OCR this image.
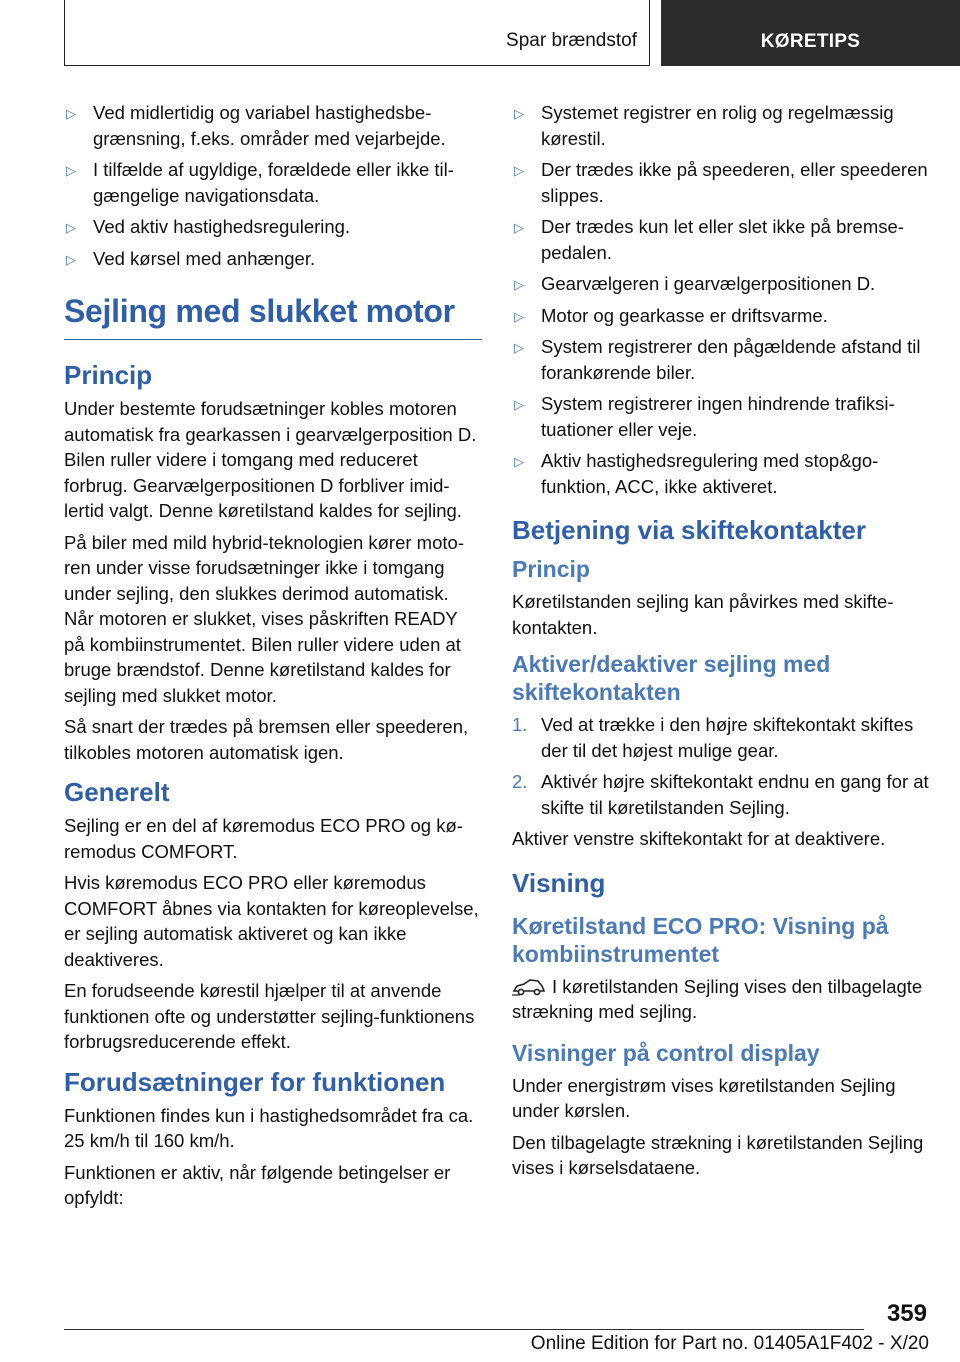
Spar brændstof	KØRETIPS
▷ Ved midlertidig og variabel hastighedsbegrænsning, f.eks. områder med vejarbejde.
▷ I tilfælde af ugyldige, forældede eller ikke tilgængelige navigationsdata.
▷ Ved aktiv hastighedsregulering.
▷ Ved kørsel med anhænger.
Sejling med slukket motor
Princip

Under bestemte forudsætninger kobles motoren automatisk fra gearkassen i gearvælgerposition D. Bilen ruller videre i tomgang med reduceret forbrug. Gearvælgerpositionen D forbliver imidlertid valgt. Denne køretilstand kaldes for sejling.

På biler med mild hybrid-teknologien kører motoren under visse forudsætninger ikke i tomgang under sejling, den slukkes derimod automatisk. Når motoren er slukket, vises påskriften READY på kombiinstrumentet. Bilen ruller videre uden at bruge brændstof. Denne køretilstand kaldes for sejling med slukket motor.

Så snart der trædes på bremsen eller speederen, tilkobles motoren automatisk igen.

Generelt

Sejling er en del af køremodus ECO PRO og køremodus COMFORT.

Hvis køremodus ECO PRO eller køremodus COMFORT åbnes via kontakten for køreoplevelse, er sejling automatisk aktiveret og kan ikke deaktiveres.

En forudseende kørestil hjælper til at anvende funktionen ofte og understøtter sejling-funktionens forbrugsreducerende effekt.

Forudsætninger for funktionen

Funktionen findes kun i hastighedsområdet fra ca. 25 km/h til 160 km/h.

Funktionen er aktiv, når følgende betingelser er opfyldt:

▷ Systemet registrer en rolig og regelmæssig kørestil.
▷ Der trædes ikke på speederen, eller speederen slippes.
▷ Der trædes kun let eller slet ikke på bremsepedalen.
▷ Gearvælgeren i gearvælgerpositionen D.
▷ Motor og gearkasse er driftsvarme.
▷ System registrerer den pågældende afstand til forankørende biler.
▷ System registrerer ingen hindrende trafiksituationer eller veje.
▷ Aktiv hastighedsregulering med stop&go-funktion, ACC, ikke aktiveret.
Betjening via skiftekontakter
Princip

Køretilstanden sejling kan påvirkes med skiftekontakten.

Aktiver/deaktiver sejling med skiftekontakten
1. Ved at trække i den højre skiftekontakt skiftes der til det højest mulige gear.
2. Aktivér højre skiftekontakt endnu en gang for at skifte til køretilstanden Sejling.

Aktiver venstre skiftekontakt for at deaktivere.

Visning
Køretilstand ECO PRO: Visning på kombiinstrumentet

I køretilstanden Sejling vises den tilbagelagte strækning med sejling.

Visninger på control display

Under energistrøm vises køretilstanden Sejling under kørslen.

Den tilbagelagte strækning i køretilstanden Sejling vises i kørselsdataene.

359
Online Edition for Part no. 01405A1F402 - X/20
